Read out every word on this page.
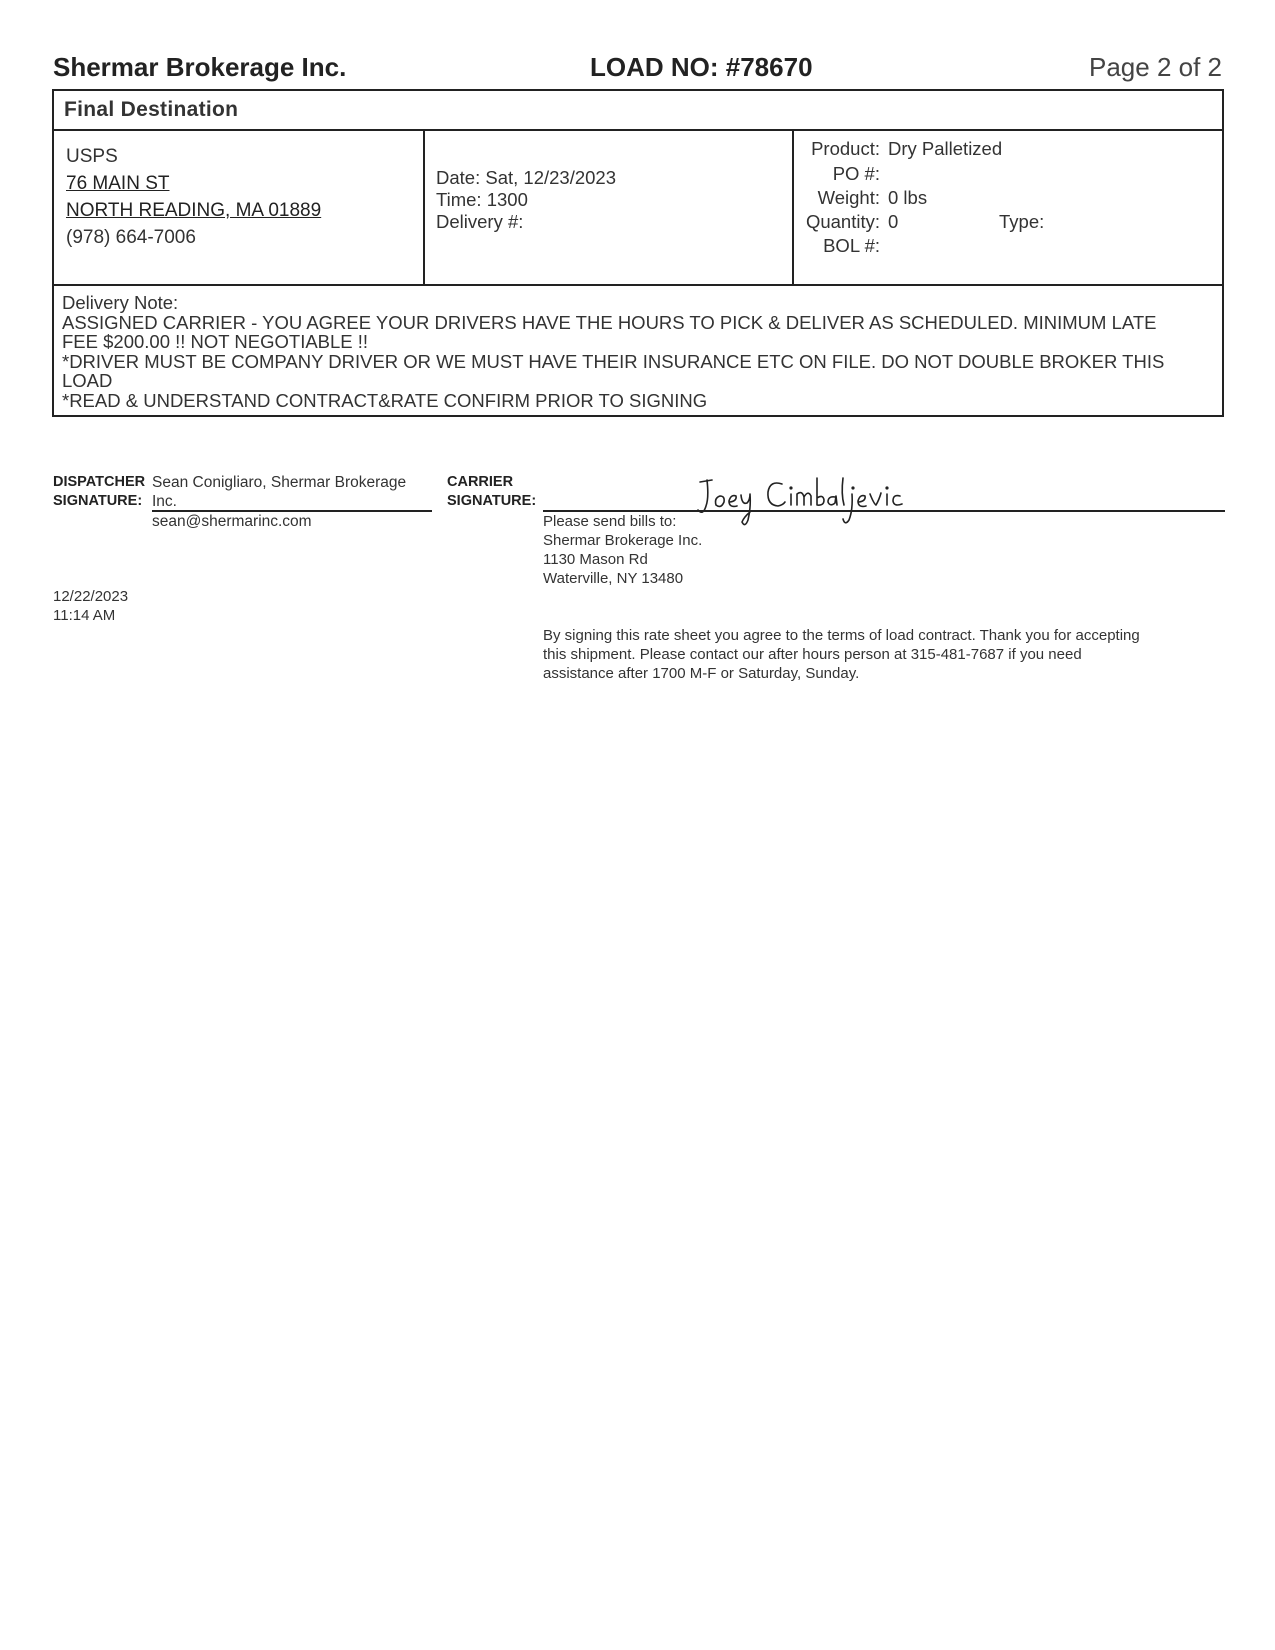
Shermar Brokerage Inc.	LOAD NO: #78670	Page 2 of 2
Final Destination
USPS
76 MAIN ST
NORTH READING, MA 01889
(978) 664-7006
Date: Sat, 12/23/2023
Time: 1300
Delivery #:
Product: Dry Palletized
PO #:
Weight: 0 lbs
Quantity: 0	Type:
BOL #:
Delivery Note:
ASSIGNED CARRIER - YOU AGREE YOUR DRIVERS HAVE THE HOURS TO PICK & DELIVER AS SCHEDULED. MINIMUM LATE
FEE $200.00 !! NOT NEGOTIABLE !!
*DRIVER MUST BE COMPANY DRIVER OR WE MUST HAVE THEIR INSURANCE ETC ON FILE. DO NOT DOUBLE BROKER THIS
LOAD
*READ & UNDERSTAND CONTRACT&RATE CONFIRM PRIOR TO SIGNING
DISPATCHER
SIGNATURE:
Sean Conigliaro, Shermar Brokerage
Inc.
sean@shermarinc.com
12/22/2023
11:14 AM
CARRIER
SIGNATURE:
Please send bills to:
Shermar Brokerage Inc.
1130 Mason Rd
Waterville, NY 13480
By signing this rate sheet you agree to the terms of load contract. Thank you for accepting
this shipment. Please contact our after hours person at 315-481-7687 if you need
assistance after 1700 M-F or Saturday, Sunday.
